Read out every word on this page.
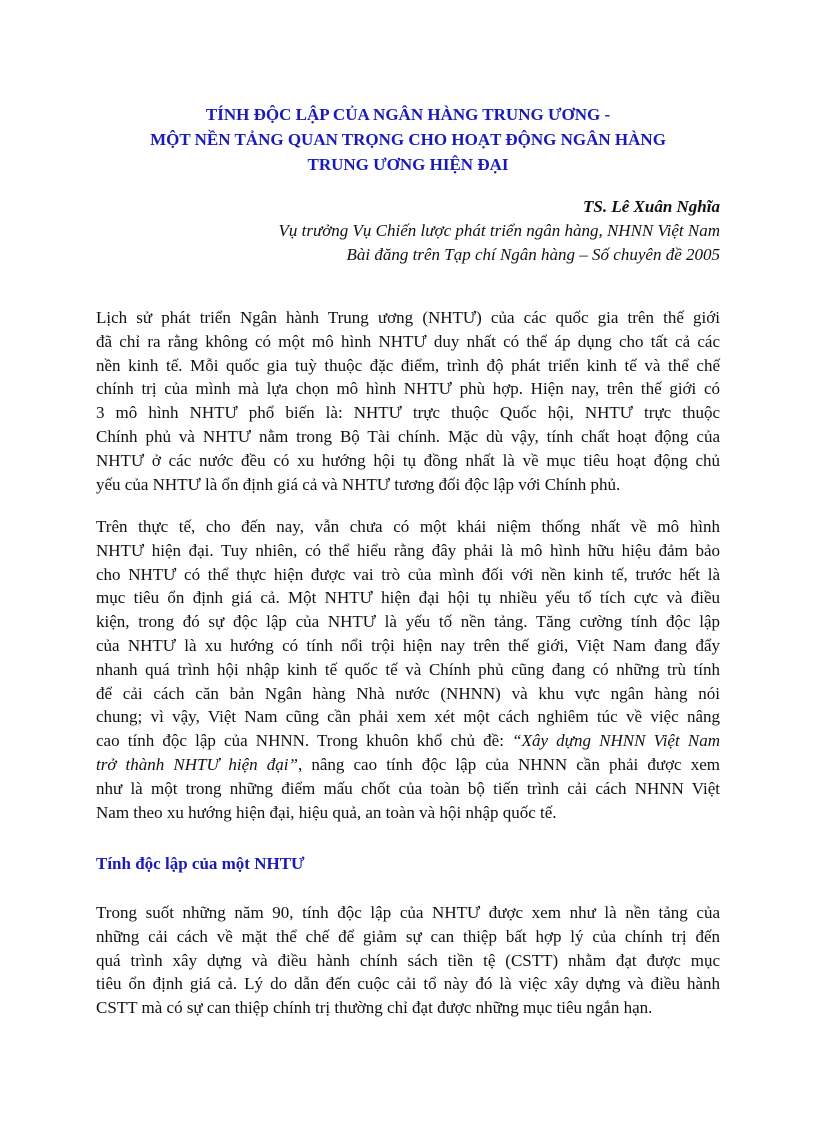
TÍNH ĐỘC LẬP CỦA NGÂN HÀNG TRUNG ƯƠNG -
MỘT NỀN TẢNG QUAN TRỌNG CHO HOẠT ĐỘNG NGÂN HÀNG
TRUNG ƯƠNG HIỆN ĐẠI
TS. Lê Xuân Nghĩa
Vụ trưởng Vụ Chiến lược phát triển ngân hàng, NHNN Việt Nam
Bài đăng trên Tạp chí Ngân hàng – Số chuyên đề 2005
Lịch sử phát triển Ngân hành Trung ương (NHTƯ) của các quốc gia trên thế giới
đã chỉ ra rằng không có một mô hình NHTƯ duy nhất có thể áp dụng cho tất cả các
nền kinh tế. Mỗi quốc gia tuỳ thuộc đặc điểm, trình độ phát triển kinh tế và thể chế
chính trị của mình mà lựa chọn mô hình NHTƯ phù hợp. Hiện nay, trên thế giới có
3 mô hình NHTƯ phổ biến là: NHTƯ trực thuộc Quốc hội, NHTƯ trực thuộc
Chính phủ và NHTƯ nằm trong Bộ Tài chính. Mặc dù vậy, tính chất hoạt động của
NHTƯ ở các nước đều có xu hướng hội tụ đồng nhất là về mục tiêu hoạt động chủ
yếu của NHTƯ là ổn định giá cả và NHTƯ tương đối độc lập với Chính phủ.
Trên thực tế, cho đến nay, vẫn chưa có một khái niệm thống nhất về mô hình
NHTƯ hiện đại. Tuy nhiên, có thể hiểu rằng đây phải là mô hình hữu hiệu đảm bảo
cho NHTƯ có thể thực hiện được vai trò của mình đối với nền kinh tế, trước hết là
mục tiêu ổn định giá cả. Một NHTƯ hiện đại hội tụ nhiều yếu tố tích cực và điều
kiện, trong đó sự độc lập của NHTƯ là yếu tố nền tảng. Tăng cường tính độc lập
của NHTƯ là xu hướng có tính nổi trội hiện nay trên thế giới, Việt Nam đang đẩy
nhanh quá trình hội nhập kinh tế quốc tế và Chính phủ cũng đang có những trù tính
để cải cách căn bản Ngân hàng Nhà nước (NHNN) và khu vực ngân hàng nói
chung; vì vậy, Việt Nam cũng cần phải xem xét một cách nghiêm túc về việc nâng
cao tính độc lập của NHNN. Trong khuôn khổ chủ đề: “Xây dựng NHNN Việt Nam
trở thành NHTƯ hiện đại”, nâng cao tính độc lập của NHNN cần phải được xem
như là một trong những điểm mấu chốt của toàn bộ tiến trình cải cách NHNN Việt
Nam theo xu hướng hiện đại, hiệu quả, an toàn và hội nhập quốc tế.
Tính độc lập của một NHTƯ
Trong suốt những năm 90, tính độc lập của NHTƯ được xem như là nền tảng của
những cải cách về mặt thể chế để giảm sự can thiệp bất hợp lý của chính trị đến
quá trình xây dựng và điều hành chính sách tiền tệ (CSTT) nhằm đạt được mục
tiêu ổn định giá cả. Lý do dẫn đến cuộc cải tổ này đó là việc xây dựng và điều hành
CSTT mà có sự can thiệp chính trị thường chỉ đạt được những mục tiêu ngắn hạn.
